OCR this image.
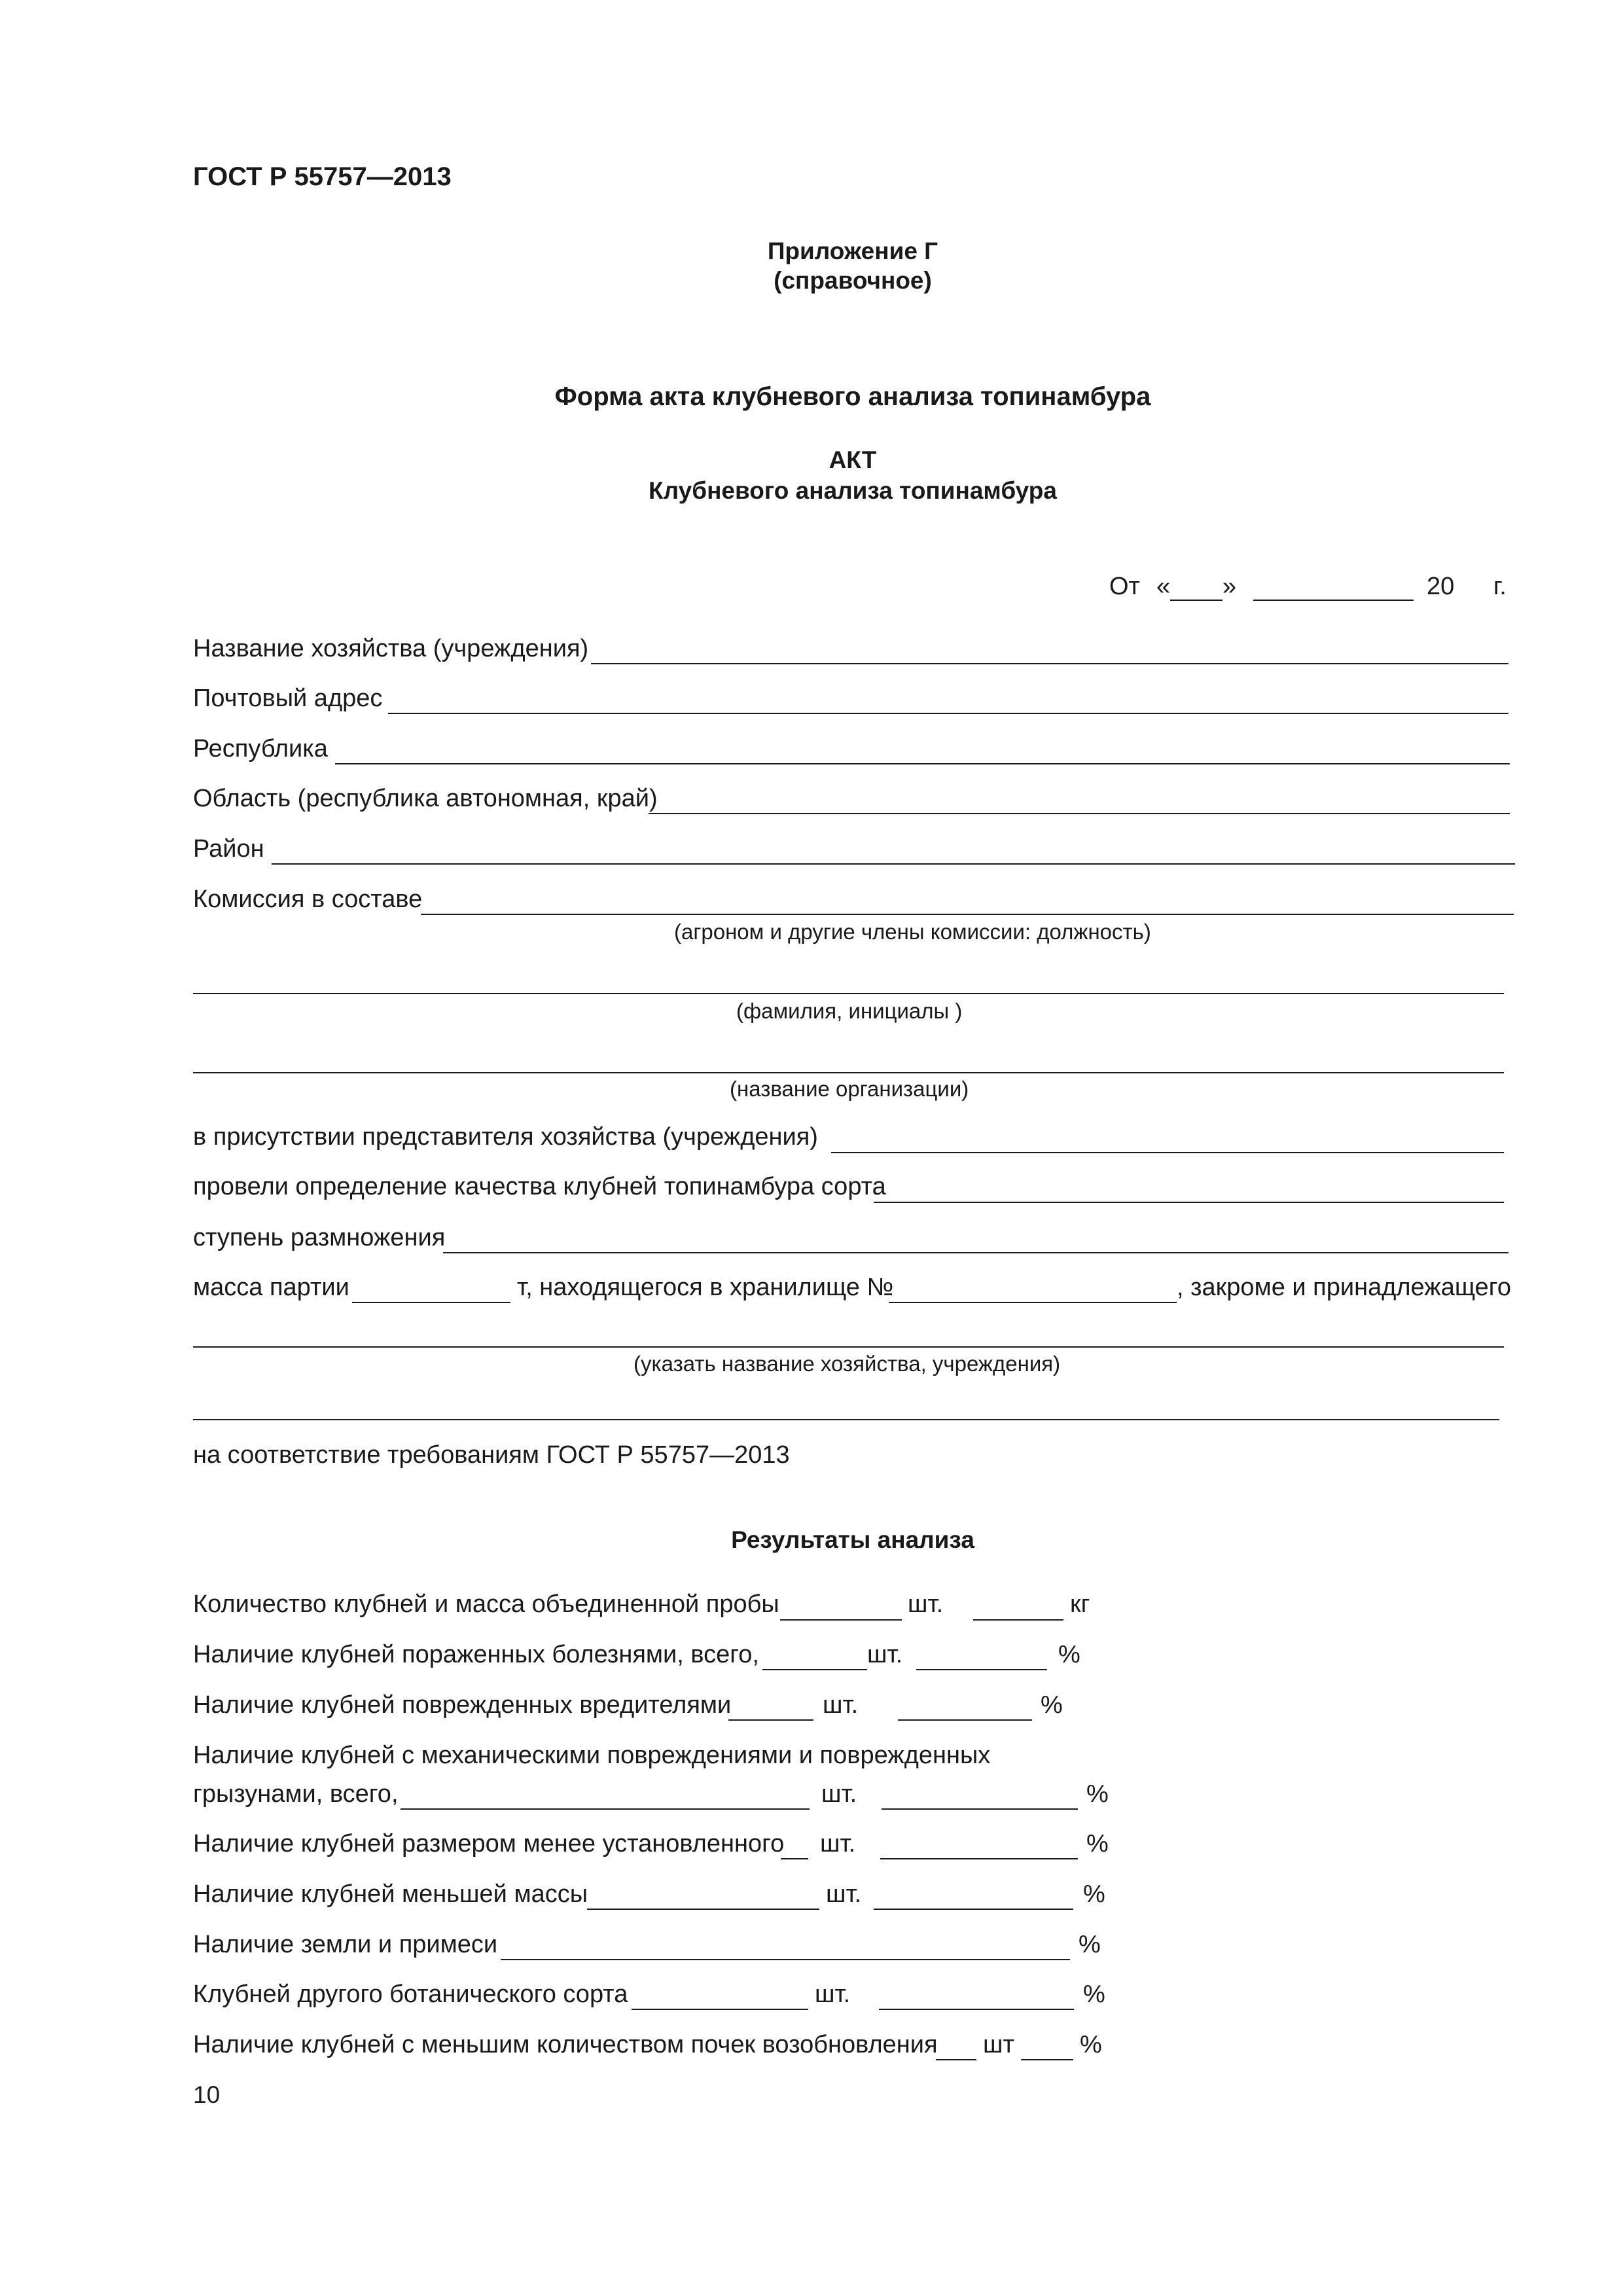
ГОСТ Р 55757—2013
Приложение Г
(справочное)
Форма акта клубневого анализа топинамбура
АКТ
Клубневого анализа топинамбура
От « »	20 г.
Название хозяйства (учреждения)
Почтовый адрес
Республика
Область (республика автономная, край)
Район
Комиссия в составе
(агроном и другие члены комиссии: должность)
(фамилия, инициалы )
(название организации)
в присутствии представителя хозяйства (учреждения)
провели определение качества клубней топинамбура сорта
ступень размножения
масса партии	т, находящегося в хранилище №	, закроме и принадлежащего
(указать название хозяйства, учреждения)
на соответствие требованиям ГОСТ Р 55757—2013
Результаты анализа
Количество клубней и масса объединенной пробы	шт.	кг
Наличие клубней пораженных болезнями, всего,	шт.	%
Наличие клубней поврежденных вредителями	шт.	%
Наличие клубней с механическими повреждениями и поврежденных
грызунами, всего,	шт.	%
Наличие клубней размером менее установленного шт.	%
Наличие клубней меньшей массы	шт.	%
Наличие земли и примеси	%
Клубней другого ботанического сорта	шт.	%
Наличие клубней с меньшим количеством почек возобновления шт	%
10
